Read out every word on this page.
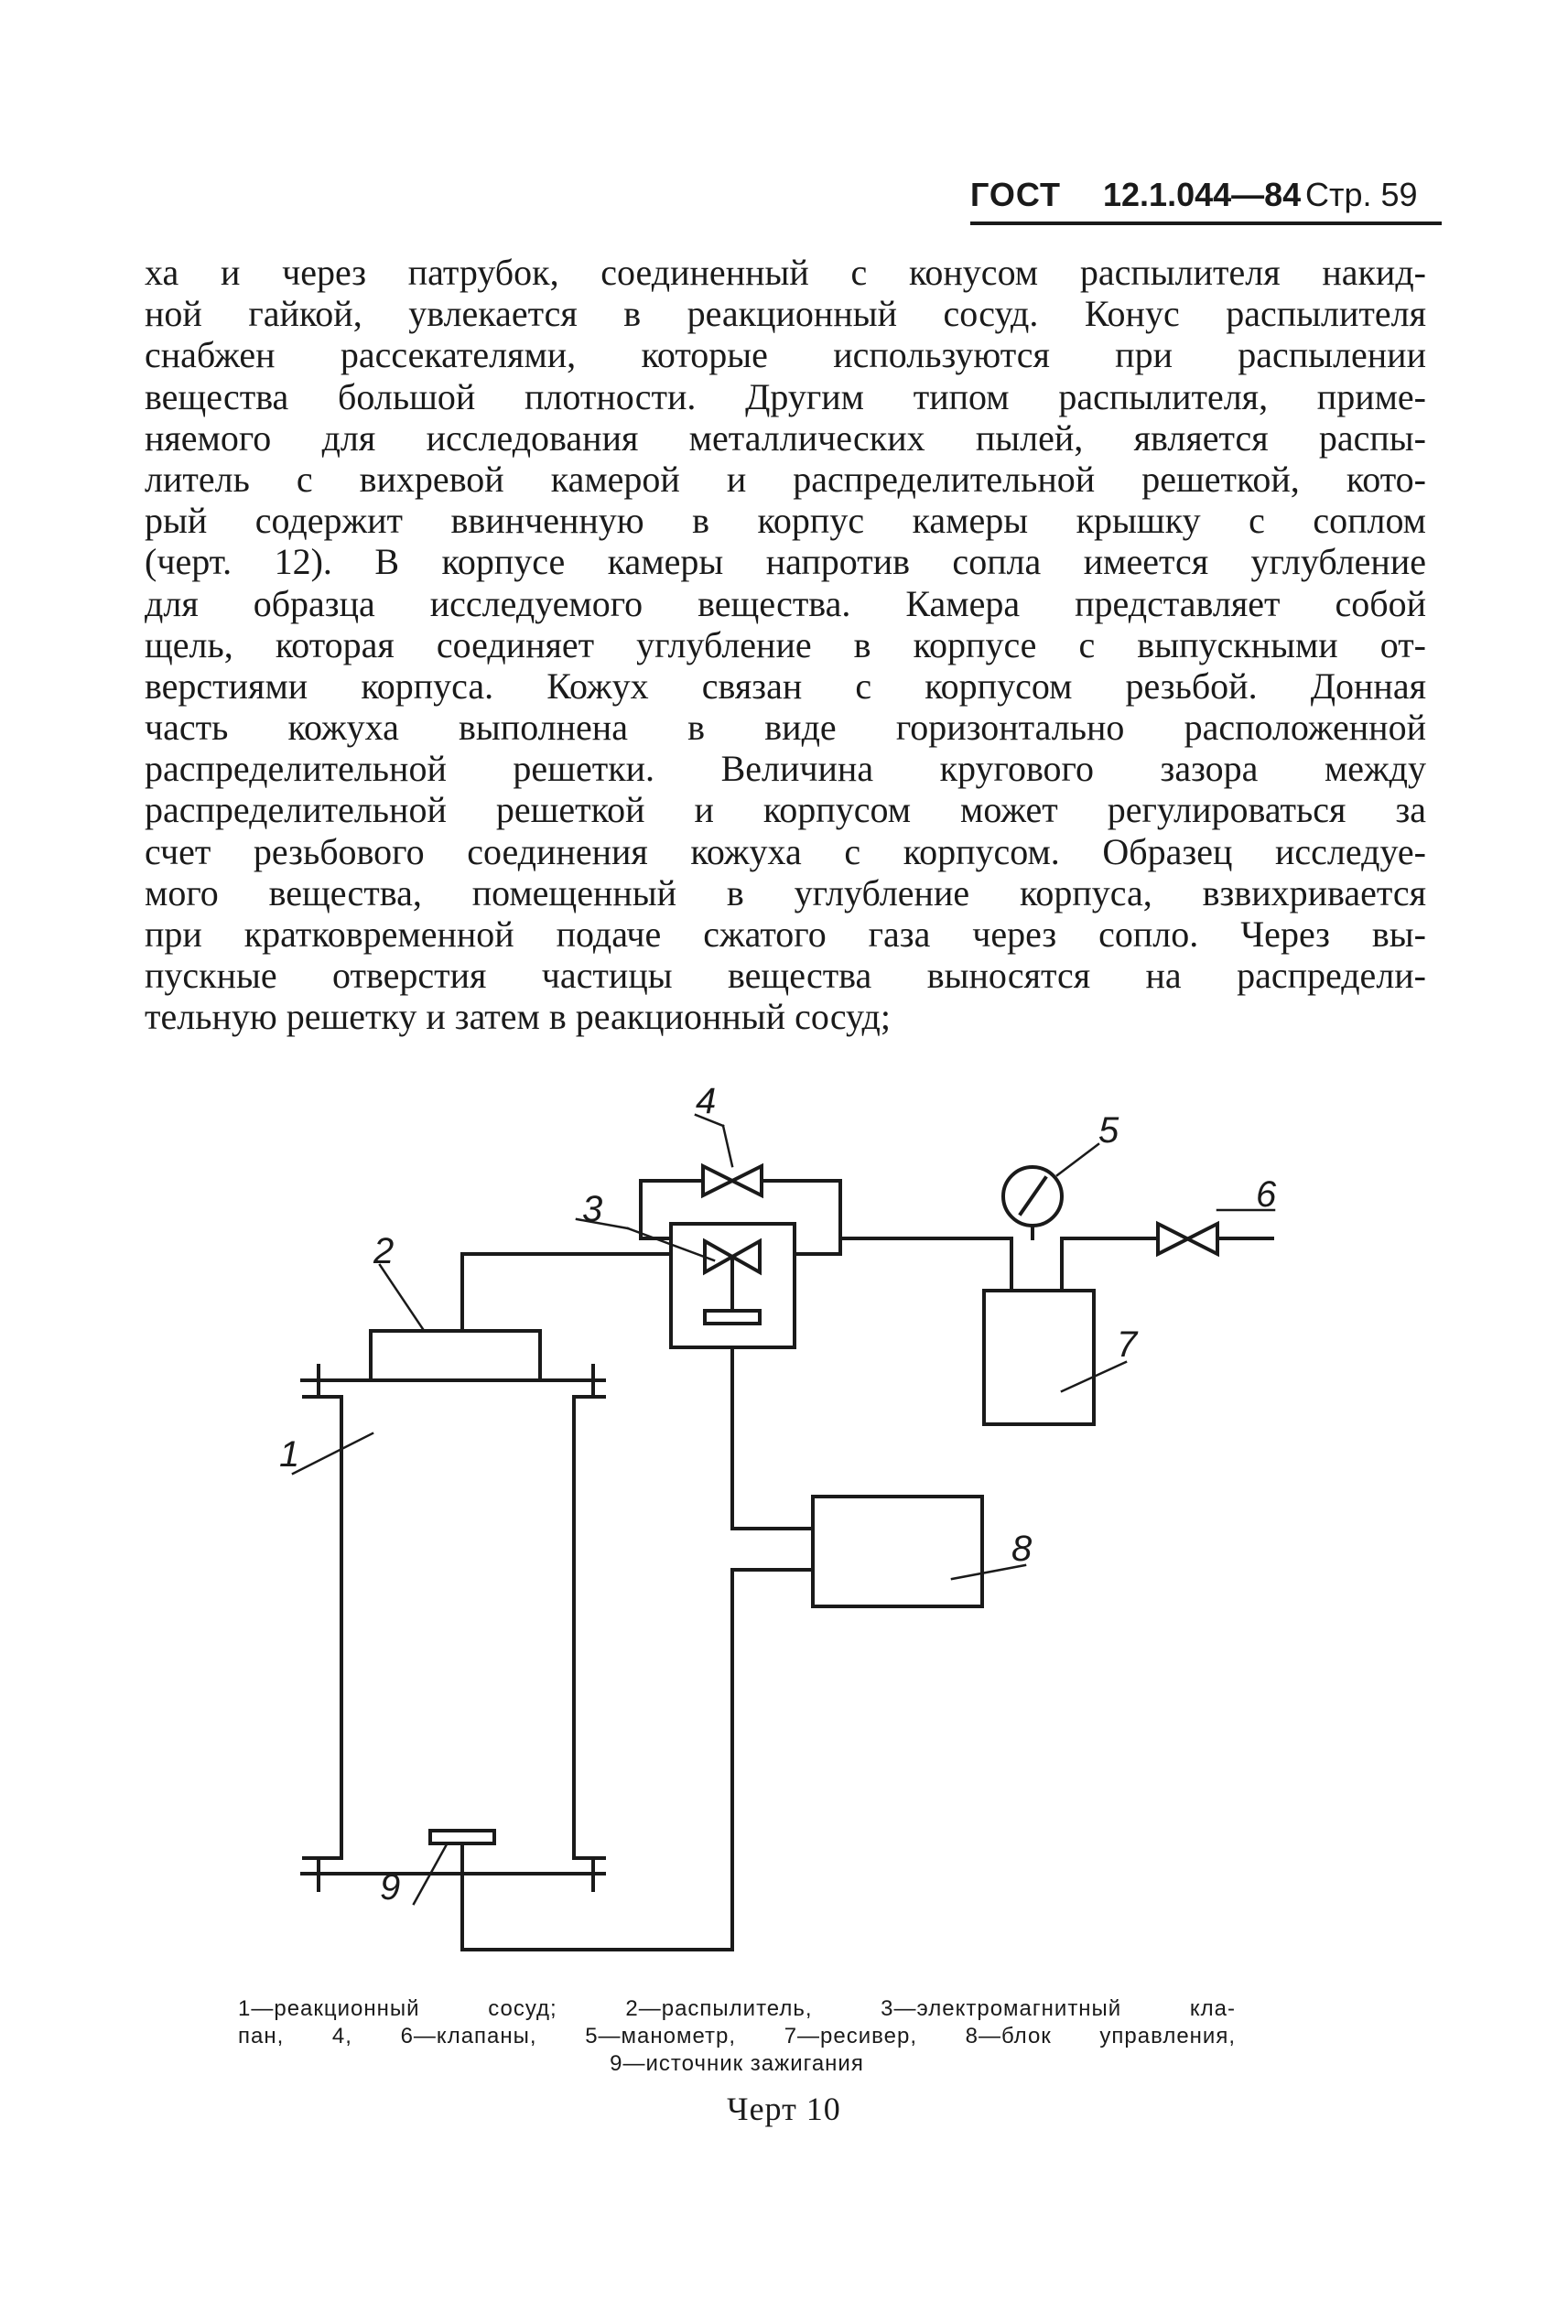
ГОСТ 12.1.044—84 Стр. 59
ха и через патрубок, соединенный с конусом распылителя накид-
ной гайкой, увлекается в реакционный сосуд. Конус распылителя
снабжен рассекателями, которые используются при распылении
вещества большой плотности. Другим типом распылителя, приме-
няемого для исследования металлических пылей, является распы-
литель с вихревой камерой и распределительной решеткой, кото-
рый содержит ввинченную в корпус камеры крышку с соплом
(черт. 12). В корпусе камеры напротив сопла имеется углубление
для образца исследуемого вещества. Камера представляет собой
щель, которая соединяет углубление в корпусе с выпускными от-
верстиями корпуса. Кожух связан с корпусом резьбой. Донная
часть кожуха выполнена в виде горизонтально расположенной
распределительной решетки. Величина кругового зазора между
распределительной решеткой и корпусом может регулироваться за
счет резьбового соединения кожуха с корпусом. Образец исследуе-
мого вещества, помещенный в углубление корпуса, взвихривается
при кратковременной подаче сжатого газа через сопло. Через вы-
пускные отверстия частицы вещества выносятся на распредели-
тельную решетку и затем в реакционный сосуд;
4
3
2
1
5
6
7
8
9
1—реакционный сосуд; 2—распылитель, 3—электромагнитный кла-
пан, 4, 6—клапаны, 5—манометр, 7—ресивер, 8—блок управления,
9—источник зажигания
Черт 10
